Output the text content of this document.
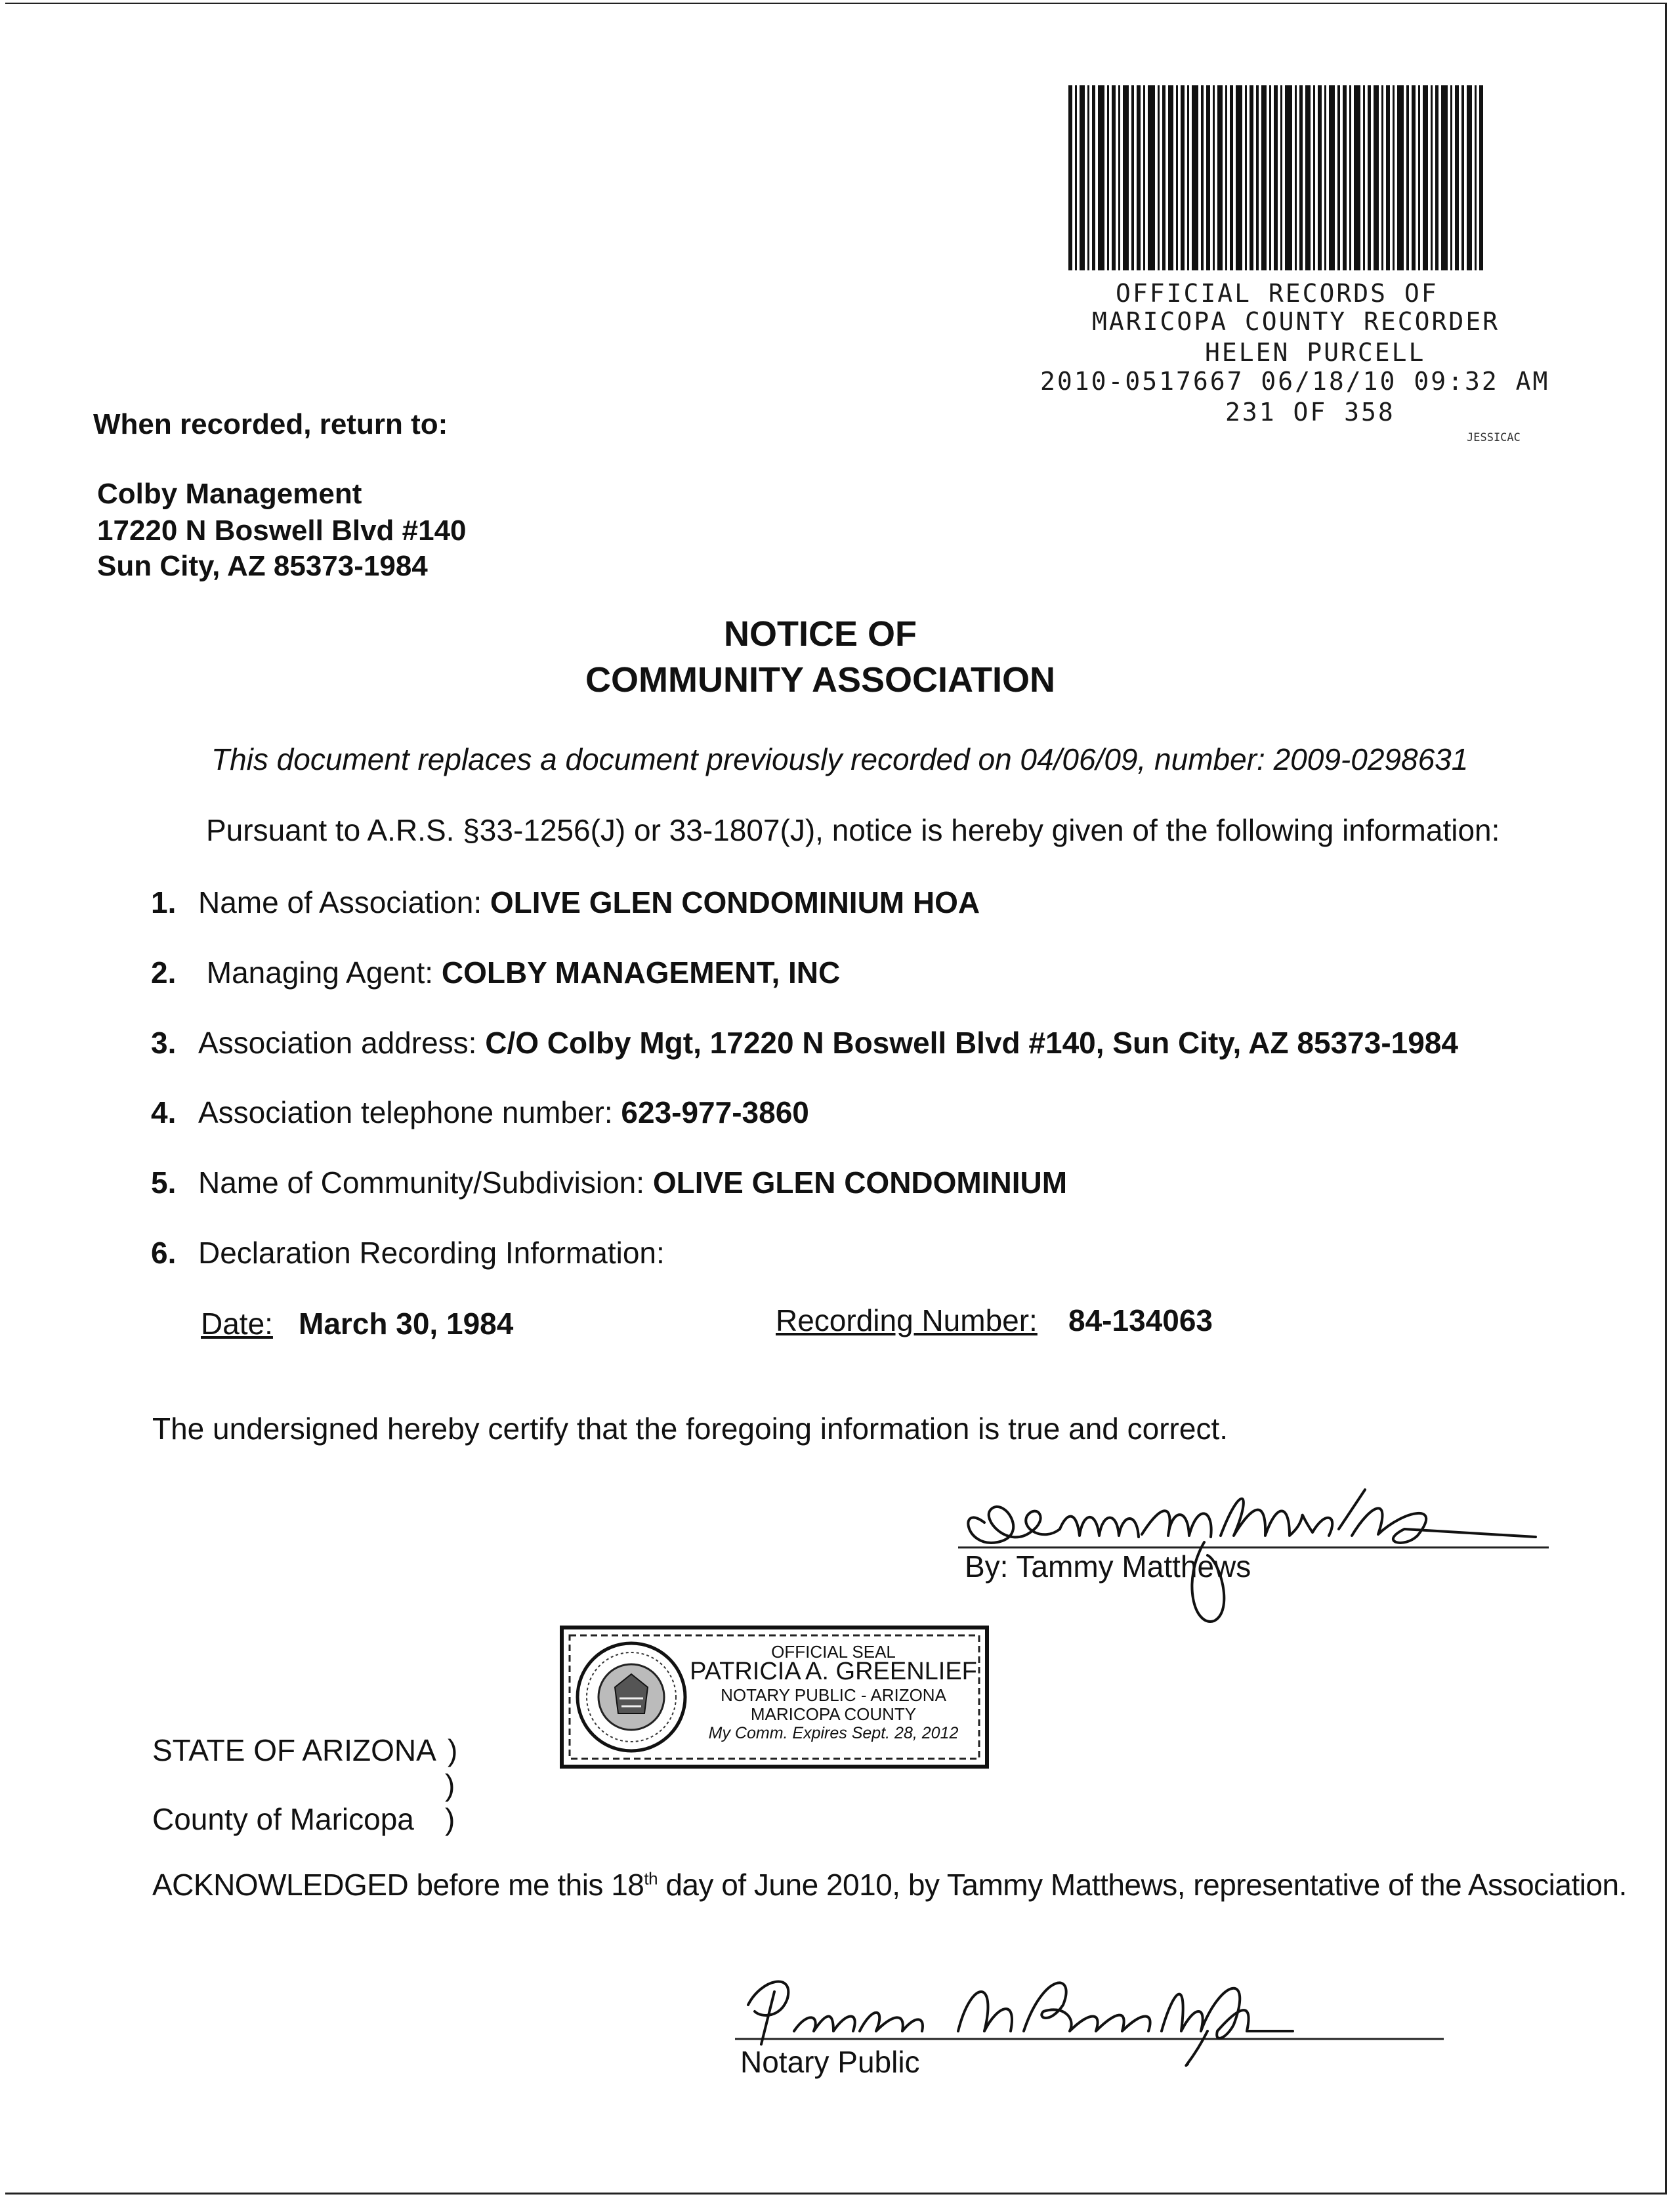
OFFICIAL RECORDS OF
MARICOPA COUNTY RECORDER
HELEN PURCELL
2010-0517667 06/18/10 09:32 AM
231 OF 358
JESSICAC
When recorded, return to:
Colby Management
17220 N Boswell Blvd #140
Sun City, AZ 85373-1984
NOTICE OF
COMMUNITY ASSOCIATION
This document replaces a document previously recorded on 04/06/09, number: 2009-0298631
Pursuant to A.R.S. §33-1256(J) or 33-1807(J), notice is hereby given of the following information:
1. Name of Association: OLIVE GLEN CONDOMINIUM HOA
2. Managing Agent: COLBY MANAGEMENT, INC
3. Association address: C/O Colby Mgt, 17220 N Boswell Blvd #140, Sun City, AZ 85373-1984
4. Association telephone number: 623-977-3860
5. Name of Community/Subdivision: OLIVE GLEN CONDOMINIUM
6. Declaration Recording Information:
Date: March 30, 1984	Recording Number: 84-134063
The undersigned hereby certify that the foregoing information is true and correct.
By: Tammy Matthews
OFFICIAL SEAL
PATRICIA A. GREENLIEF
NOTARY PUBLIC - ARIZONA
MARICOPA COUNTY
My Comm. Expires Sept. 28, 2012
STATE OF ARIZONA )
)
County of Maricopa )
ACKNOWLEDGED before me this 18th day of June 2010, by Tammy Matthews, representative of the Association.
Notary Public
